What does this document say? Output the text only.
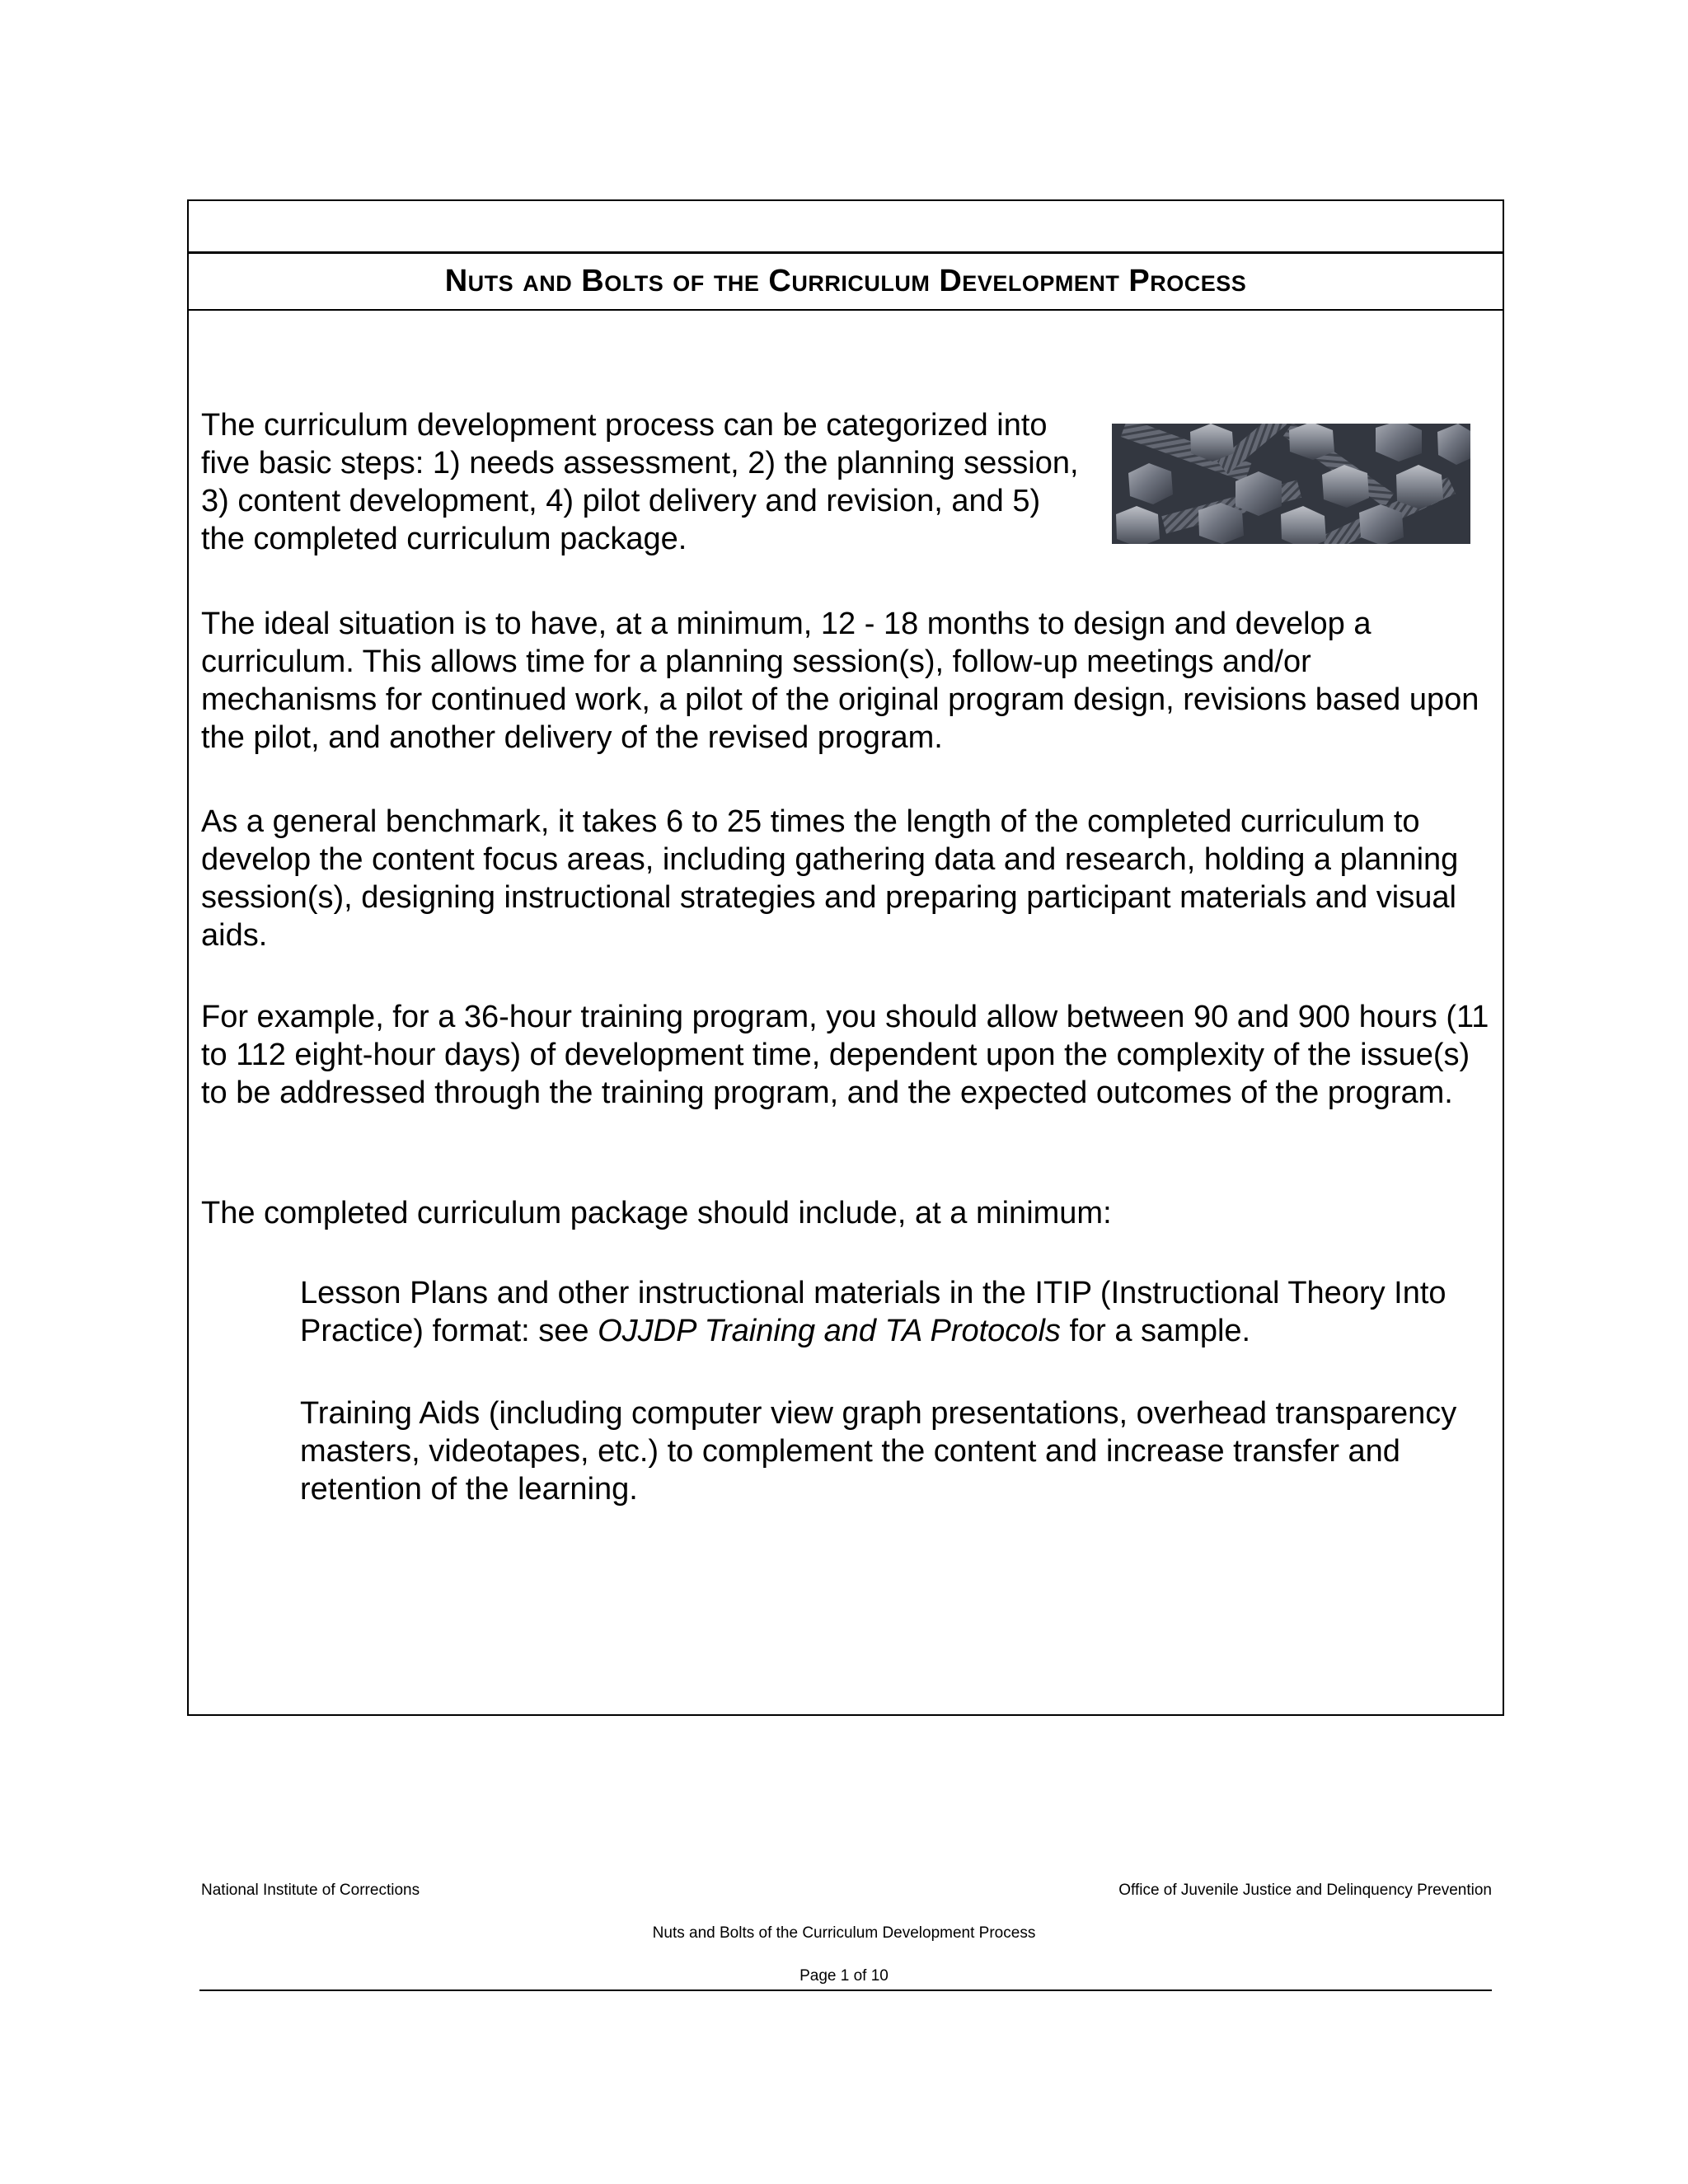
Nuts and Bolts of the Curriculum Development Process

The curriculum development process can be categorized into five basic steps: 1) needs assessment, 2) the planning session, 3) content development, 4) pilot delivery and revision, and 5) the completed curriculum package.

The ideal situation is to have, at a minimum, 12 - 18 months to design and develop a curriculum. This allows time for a planning session(s), follow-up meetings and/or mechanisms for continued work, a pilot of the original program design, revisions based upon the pilot, and another delivery of the revised program.

As a general benchmark, it takes 6 to 25 times the length of the completed curriculum to develop the content focus areas, including gathering data and research, holding a planning session(s), designing instructional strategies and preparing participant materials and visual aids.

For example, for a 36-hour training program, you should allow between 90 and 900 hours (11 to 112 eight-hour days) of development time, dependent upon the complexity of the issue(s) to be addressed through the training program, and the expected outcomes of the program.

The completed curriculum package should include, at a minimum:

Lesson Plans and other instructional materials in the ITIP (Instructional Theory Into Practice) format: see OJJDP Training and TA Protocols for a sample.

Training Aids (including computer view graph presentations, overhead transparency masters, videotapes, etc.) to complement the content and increase transfer and retention of the learning.

National Institute of Corrections	Office of Juvenile Justice and Delinquency Prevention
Nuts and Bolts of the Curriculum Development Process
Page 1 of 10
